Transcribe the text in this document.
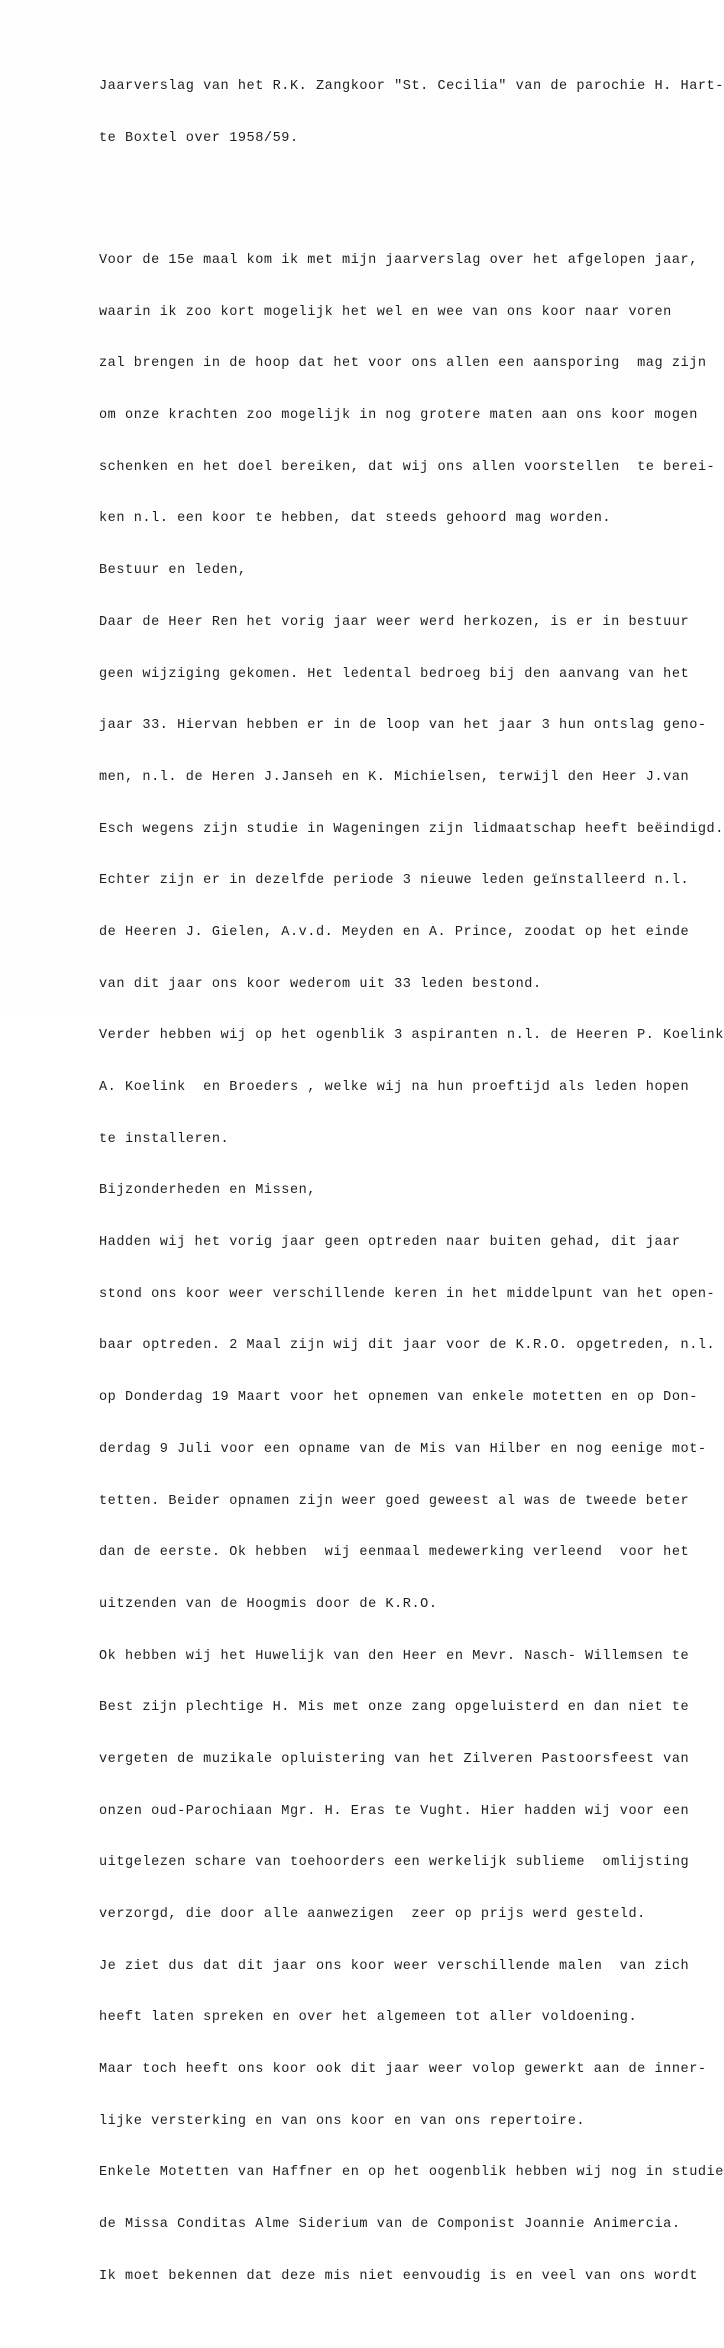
Jaarverslag van het R.K. Zangkoor "St. Cecilia" van de parochie H. Hart-

te Boxtel over 1958/59.

Voor de 15e maal kom ik met mijn jaarverslag over het afgelopen jaar,

waarin ik zoo kort mogelijk het wel en wee van ons koor naar voren

zal brengen in de hoop dat het voor ons allen een aansporing  mag zijn

om onze krachten zoo mogelijk in nog grotere maten aan ons koor mogen

schenken en het doel bereiken, dat wij ons allen voorstellen  te berei-

ken n.l. een koor te hebben, dat steeds gehoord mag worden.

Bestuur en leden,

Daar de Heer Ren het vorig jaar weer werd herkozen, is er in bestuur

geen wijziging gekomen. Het ledental bedroeg bij den aanvang van het

jaar 33. Hiervan hebben er in de loop van het jaar 3 hun ontslag geno-

men, n.l. de Heren J.Janseh en K. Michielsen, terwijl den Heer J.van

Esch wegens zijn studie in Wageningen zijn lidmaatschap heeft beëindigd.

Echter zijn er in dezelfde periode 3 nieuwe leden geïnstalleerd n.l.

de Heeren J. Gielen, A.v.d. Meyden en A. Prince, zoodat op het einde

van dit jaar ons koor wederom uit 33 leden bestond.

Verder hebben wij op het ogenblik 3 aspiranten n.l. de Heeren P. Koelink

A. Koelink  en Broeders , welke wij na hun proeftijd als leden hopen

te installeren.

Bijzonderheden en Missen,

Hadden wij het vorig jaar geen optreden naar buiten gehad, dit jaar

stond ons koor weer verschillende keren in het middelpunt van het open-

baar optreden. 2 Maal zijn wij dit jaar voor de K.R.O. opgetreden, n.l.

op Donderdag 19 Maart voor het opnemen van enkele motetten en op Don-

derdag 9 Juli voor een opname van de Mis van Hilber en nog eenige mot-

tetten. Beider opnamen zijn weer goed geweest al was de tweede beter

dan de eerste. Ok hebben  wij eenmaal medewerking verleend  voor het

uitzenden van de Hoogmis door de K.R.O.

Ok hebben wij het Huwelijk van den Heer en Mevr. Nasch- Willemsen te

Best zijn plechtige H. Mis met onze zang opgeluisterd en dan niet te

vergeten de muzikale opluistering van het Zilveren Pastoorsfeest van

onzen oud-Parochiaan Mgr. H. Eras te Vught. Hier hadden wij voor een

uitgelezen schare van toehoorders een werkelijk sublieme  omlijsting

verzorgd, die door alle aanwezigen  zeer op prijs werd gesteld.

Je ziet dus dat dit jaar ons koor weer verschillende malen  van zich

heeft laten spreken en over het algemeen tot aller voldoening.

Maar toch heeft ons koor ook dit jaar weer volop gewerkt aan de inner-

lijke versterking en van ons koor en van ons repertoire.

Enkele Motetten van Haffner en op het oogenblik hebben wij nog in studie

de Missa Conditas Alme Siderium van de Componist Joannie Animercia.

Ik moet bekennen dat deze mis niet eenvoudig is en veel van ons wordt
